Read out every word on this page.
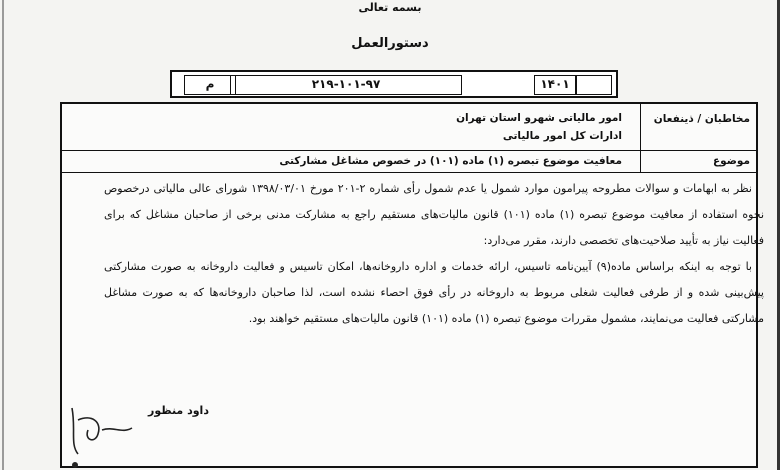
بسمه تعالی
دستورالعمل
م	۲۱۹-۱۰۱-۹۷	۱۴۰۱
مخاطبان / ذینفعان
امور مالیاتی شهرو استان تهران
ادارات کل امور مالیاتی
موضوع
معافیت موضوع تبصره (۱) ماده (۱۰۱) در خصوص مشاغل مشارکتی

نظر به ابهامات و سوالات مطروحه پیرامون موارد شمول یا عدم شمول رأی شماره ۲-۲۰۱ مورخ ۱۳۹۸/۰۳/۰۱ شورای عالی مالیاتی درخصوص نحوه استفاده از معافیت موضوع تبصره (۱) ماده (۱۰۱) قانون مالیات‌های مستقیم راجع به مشارکت مدنی برخی از صاحبان مشاغل که برای فعالیت نیاز به تأیید صلاحیت‌های تخصصی دارند، مقرر می‌دارد:

با توجه به اینکه براساس ماده(۹) آیین‌نامه تاسیس، ارائه خدمات و اداره داروخانه‌ها، امکان تاسیس و فعالیت داروخانه به صورت مشارکتی پیش‌بینی شده و از طرفی فعالیت شغلی مربوط به داروخانه در رأی فوق احصاء نشده است، لذا صاحبان داروخانه‌ها که به صورت مشاغل مشارکتی فعالیت می‌نمایند، مشمول مقررات موضوع تبصره (۱) ماده (۱۰۱) قانون مالیات‌های مستقیم خواهند بود.

داود منظور
